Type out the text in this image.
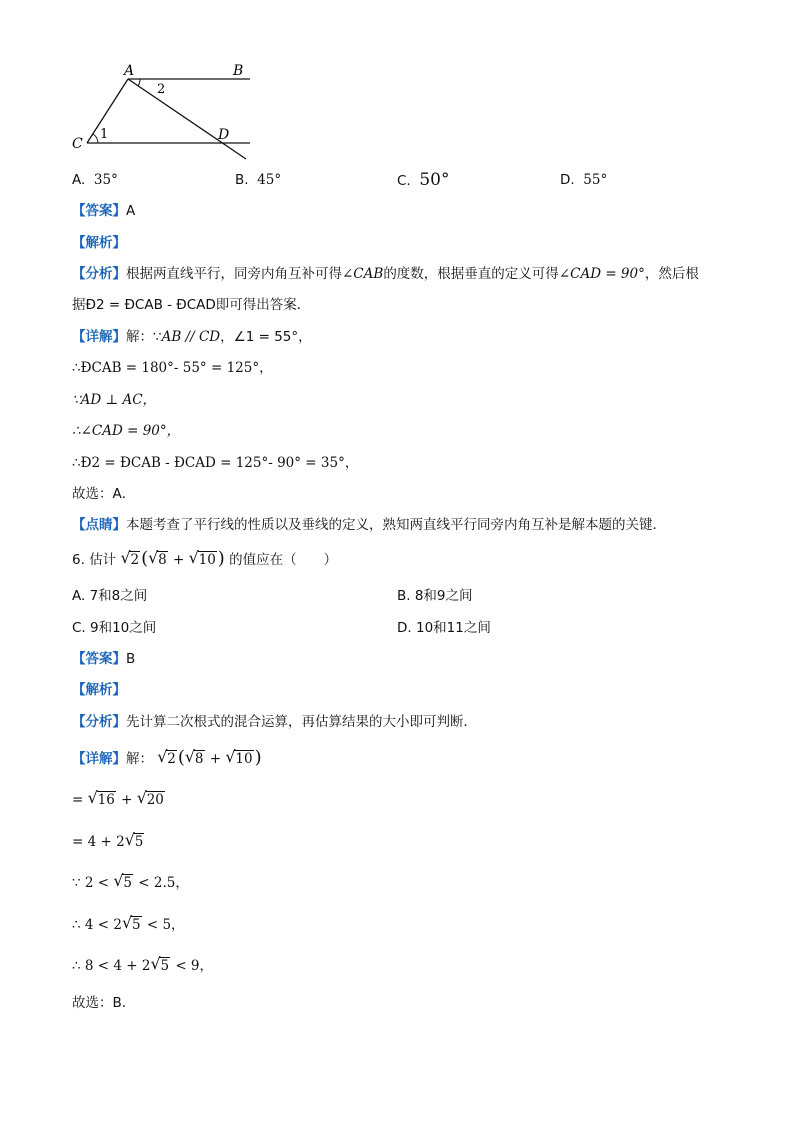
A	B
C
D
1
2
A. 35°	B. 45°	C. 50°	D. 55°
【答案】A
【解析】
【分析】根据两直线平行，同旁内角互补可得∠CAB的度数，根据垂直的定义可得∠CAD = 90°，然后根
据Ð2 = ÐCAB - ÐCAD即可得出答案．
【详解】解：∵AB // CD，∠1 = 55°，
∴ÐCAB = 180°- 55° = 125°，
∵AD ⊥ AC，
∴∠CAD = 90°，
∴Ð2 = ÐCAB - ÐCAD = 125°- 90° = 35°，
故选：A．
【点睛】本题考查了平行线的性质以及垂线的定义，熟知两直线平行同旁内角互补是解本题的关键．
6. 估计 √ 2 ( √ 8 + √ 10 ) 的值应在（　　）
A. 7和8之间	B. 8和9之间
C. 9和10之间	D. 10和11之间
【答案】B
【解析】
【分析】先计算二次根式的混合运算，再估算结果的大小即可判断．
【详解】解： √ 2 ( √ 8 + √ 10 )
= √ 16 + √ 20
= 4 + 2 √ 5
∵ 2 < √ 5 < 2.5，
∴ 4 < 2 √ 5 < 5，
∴ 8 < 4 + 2 √ 5 < 9，
故选：B．
